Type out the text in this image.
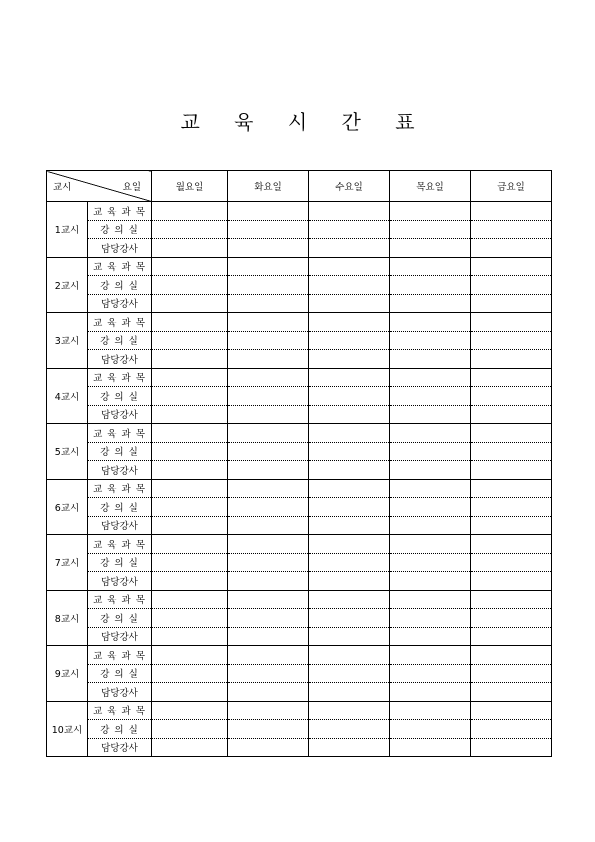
교 육 시 간 표
교시 요일		월요일	화요일	수요일	목요일	금요일
1교시	교 육 과 목					
	강 의 실					
	담당강사					
2교시	교 육 과 목					
	강 의 실					
	담당강사					
3교시	교 육 과 목					
	강 의 실					
	담당강사					
4교시	교 육 과 목					
	강 의 실					
	담당강사					
5교시	교 육 과 목					
	강 의 실					
	담당강사					
6교시	교 육 과 목					
	강 의 실					
	담당강사					
7교시	교 육 과 목					
	강 의 실					
	담당강사					
8교시	교 육 과 목					
	강 의 실					
	담당강사					
9교시	교 육 과 목					
	강 의 실					
	담당강사					
10교시	교 육 과 목					
	강 의 실					
	담당강사					
